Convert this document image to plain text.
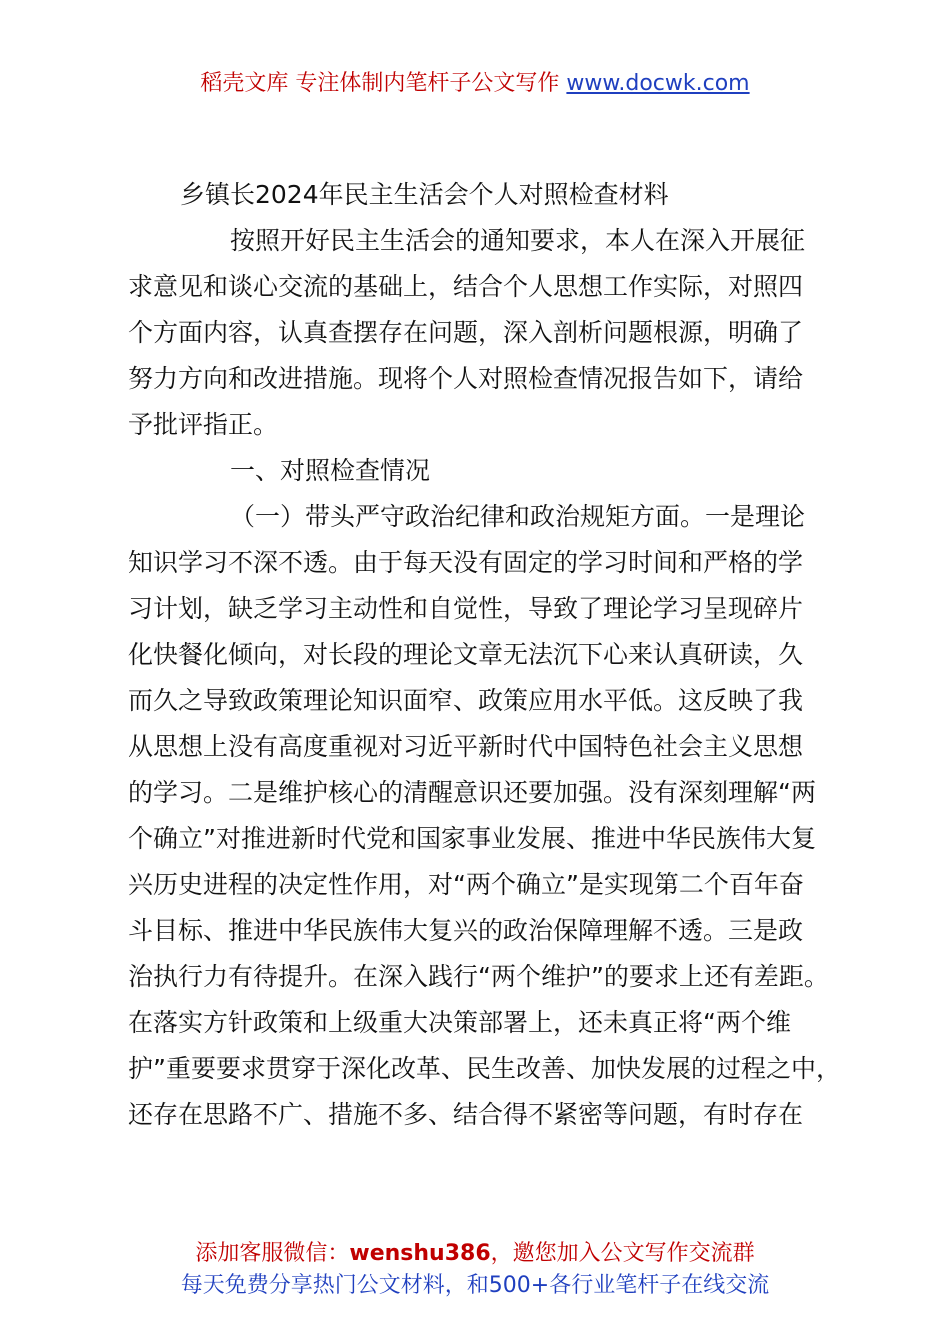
稻壳文库 专注体制内笔杆子公文写作 www.docwk.com
乡镇长2024年民主生活会个人对照检查材料
按照开好民主生活会的通知要求，本人在深入开展征
求意见和谈心交流的基础上，结合个人思想工作实际，对照四
个方面内容，认真查摆存在问题，深入剖析问题根源，明确了
努力方向和改进措施。现将个人对照检查情况报告如下，请给
予批评指正。
一、对照检查情况
（一）带头严守政治纪律和政治规矩方面。一是理论
知识学习不深不透。由于每天没有固定的学习时间和严格的学
习计划，缺乏学习主动性和自觉性，导致了理论学习呈现碎片
化快餐化倾向，对长段的理论文章无法沉下心来认真研读，久
而久之导致政策理论知识面窄、政策应用水平低。这反映了我
从思想上没有高度重视对习近平新时代中国特色社会主义思想
的学习。二是维护核心的清醒意识还要加强。没有深刻理解“两
个确立”对推进新时代党和国家事业发展、推进中华民族伟大复
兴历史进程的决定性作用，对“两个确立”是实现第二个百年奋
斗目标、推进中华民族伟大复兴的政治保障理解不透。三是政
治执行力有待提升。在深入践行“两个维护”的要求上还有差距。
在落实方针政策和上级重大决策部署上，还未真正将“两个维
护”重要要求贯穿于深化改革、民生改善、加快发展的过程之中，
还存在思路不广、措施不多、结合得不紧密等问题，有时存在
添加客服微信：wenshu386，邀您加入公文写作交流群
每天免费分享热门公文材料，和500+各行业笔杆子在线交流
